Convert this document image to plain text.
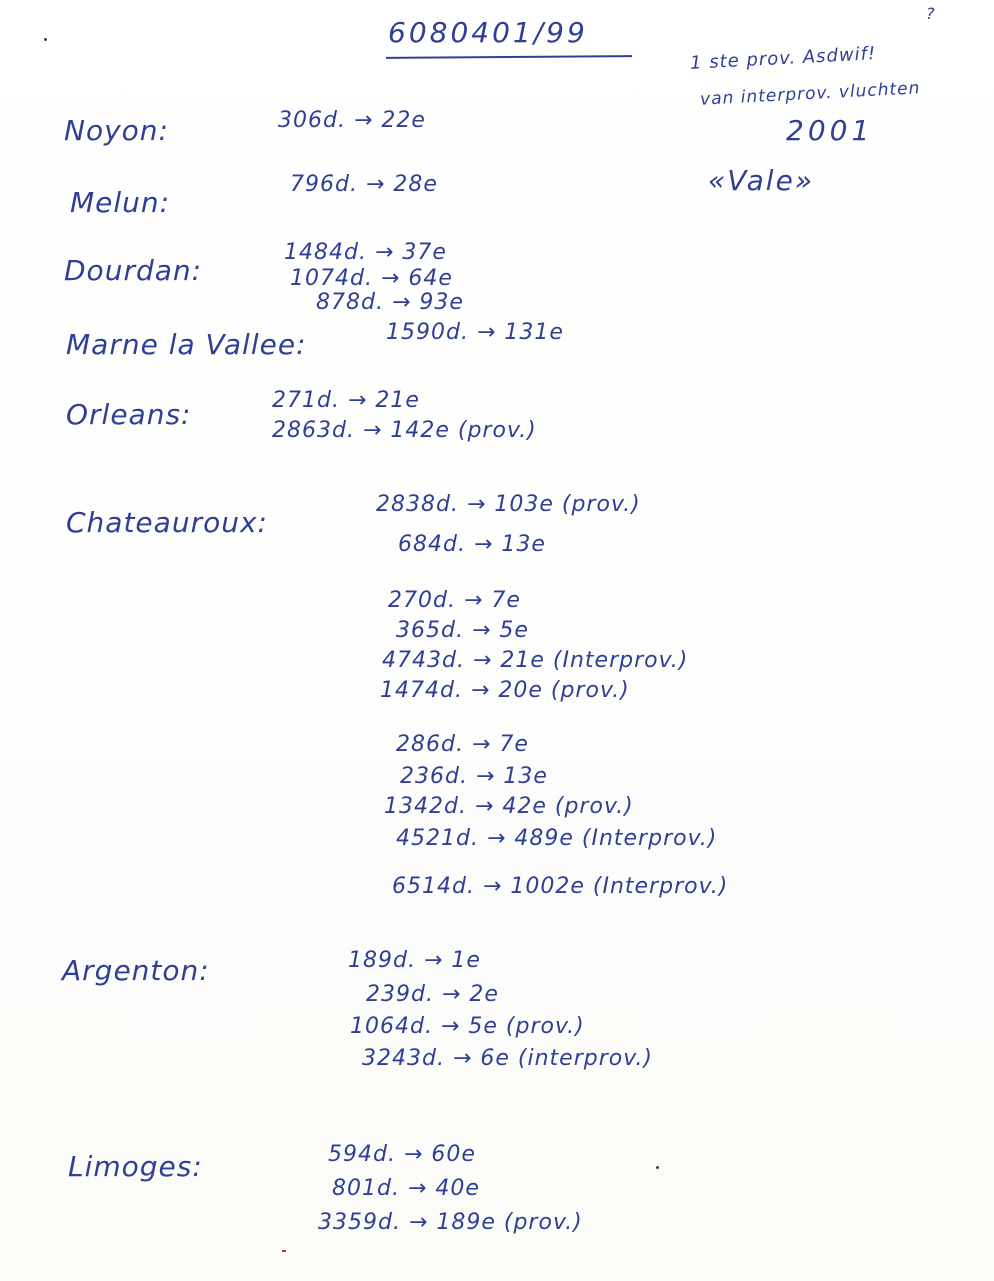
6080401/99
?
1 ste prov. Asdwif!
van interprov. vluchten
2001
«Vale»
Noyon:	306d. → 22e
Melun:
796d. → 28e
Dourdan:
1484d. → 37e
1074d. → 64e
878d. → 93e
Marne la Vallee:	1590d. → 131e
Orleans:	271d. → 21e
2863d. → 142e (prov.)
Chateauroux:
2838d. → 103e (prov.)
684d. → 13e
270d. → 7e
365d. → 5e
4743d. → 21e (Interprov.)
1474d. → 20e (prov.)
286d. → 7e
236d. → 13e
1342d. → 42e (prov.)
4521d. → 489e (Interprov.)
6514d. → 1002e (Interprov.)
Argenton:	189d. → 1e
239d. → 2e
1064d. → 5e (prov.)
3243d. → 6e (interprov.)
Limoges:	594d. → 60e
801d. → 40e
3359d. → 189e (prov.)
